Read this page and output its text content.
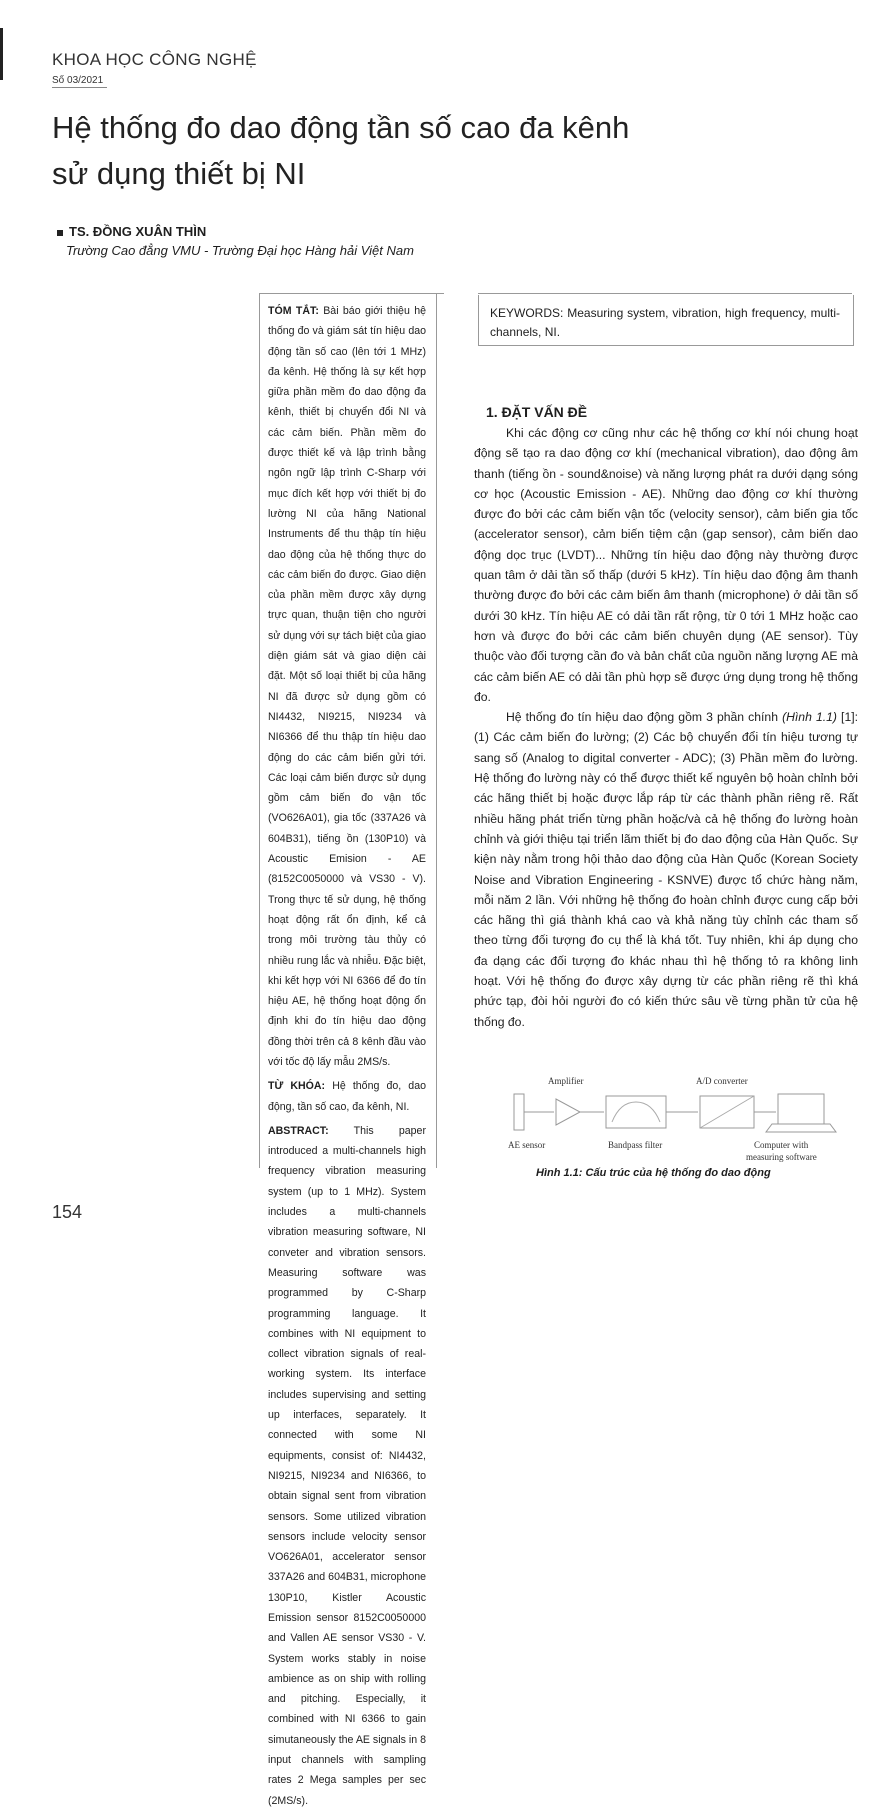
KHOA HỌC CÔNG NGHỆ
Số 03/2021
Hệ thống đo dao động tần số cao đa kênh
sử dụng thiết bị NI
TS. ĐỒNG XUÂN THÌN
Trường Cao đẳng VMU - Trường Đại học Hàng hải Việt Nam

TÓM TẮT: Bài báo giới thiệu hệ thống đo và giám sát tín hiệu dao động tần số cao (lên tới 1 MHz) đa kênh. Hệ thống là sự kết hợp giữa phần mềm đo dao động đa kênh, thiết bị chuyển đổi NI và các cảm biến. Phần mềm đo được thiết kế và lập trình bằng ngôn ngữ lập trình C-Sharp với mục đích kết hợp với thiết bị đo lường NI của hãng National Instruments để thu thập tín hiệu dao động của hệ thống thực do các cảm biến đo được. Giao diện của phần mềm được xây dựng trực quan, thuận tiện cho người sử dụng với sự tách biệt của giao diện giám sát và giao diện cài đặt. Một số loại thiết bị của hãng NI đã được sử dụng gồm có NI4432, NI9215, NI9234 và NI6366 để thu thập tín hiệu dao động do các cảm biến gửi tới. Các loại cảm biến được sử dụng gồm cảm biến đo vận tốc (VO626A01), gia tốc (337A26 và 604B31), tiếng ồn (130P10) và Acoustic Emision - AE (8152C0050000 và VS30 - V). Trong thực tế sử dụng, hệ thống hoạt động rất ổn định, kể cả trong môi trường tàu thủy có nhiều rung lắc và nhiễu. Đặc biệt, khi kết hợp với NI 6366 để đo tín hiệu AE, hệ thống hoạt động ổn định khi đo tín hiệu dao động đồng thời trên cả 8 kênh đầu vào với tốc độ lấy mẫu 2MS/s.

TỪ KHÓA: Hệ thống đo, dao động, tần số cao, đa kênh, NI.

ABSTRACT: This paper introduced a multi-channels high frequency vibration measuring system (up to 1 MHz). System includes a multi-channels vibration measuring software, NI conveter and vibration sensors. Measuring software was programmed by C-Sharp programming language. It combines with NI equipment to collect vibration signals of real-working system. Its interface includes supervising and setting up interfaces, separately. It connected with some NI equipments, consist of: NI4432, NI9215, NI9234 and NI6366, to obtain signal sent from vibration sensors. Some utilized vibration sensors include velocity sensor VO626A01, accelerator sensor 337A26 and 604B31, microphone 130P10, Kistler Acoustic Emission sensor 8152C0050000 and Vallen AE sensor VS30 - V. System works stably in noise ambience as on ship with rolling and pitching. Especially, it combined with NI 6366 to gain simutaneously the AE signals in 8 input channels with sampling rates 2 Mega samples per sec (2MS/s).

KEYWORDS: Measuring system, vibration, high frequency, multi-channels, NI.
1. ĐẶT VẤN ĐỀ

Khi các động cơ cũng như các hệ thống cơ khí nói chung hoạt động sẽ tạo ra dao động cơ khí (mechanical vibration), dao động âm thanh (tiếng ồn - sound&noise) và năng lượng phát ra dưới dạng sóng cơ học (Acoustic Emission - AE). Những dao động cơ khí thường được đo bởi các cảm biến vận tốc (velocity sensor), cảm biến gia tốc (accelerator sensor), cảm biến tiệm cận (gap sensor), cảm biến dao động dọc trục (LVDT)... Những tín hiệu dao động này thường được quan tâm ở dải tần số thấp (dưới 5 kHz). Tín hiệu dao động âm thanh thường được đo bởi các cảm biến âm thanh (microphone) ở dải tần số dưới 30 kHz. Tín hiệu AE có dải tần rất rộng, từ 0 tới 1 MHz hoặc cao hơn và được đo bởi các cảm biến chuyên dụng (AE sensor). Tùy thuộc vào đối tượng cần đo và bản chất của nguồn năng lượng AE mà các cảm biến AE có dải tần phù hợp sẽ được ứng dụng trong hệ thống đo.

Hệ thống đo tín hiệu dao động gồm 3 phần chính (Hình 1.1) [1]: (1) Các cảm biến đo lường; (2) Các bộ chuyển đổi tín hiệu tương tự sang số (Analog to digital converter - ADC); (3) Phần mềm đo lường. Hệ thống đo lường này có thể được thiết kế nguyên bộ hoàn chỉnh bởi các hãng thiết bị hoặc được lắp ráp từ các thành phần riêng rẽ. Rất nhiều hãng phát triển từng phần hoặc/và cả hệ thống đo lường hoàn chỉnh và giới thiệu tại triển lãm thiết bị đo dao động của Hàn Quốc. Sự kiện này nằm trong hội thảo dao động của Hàn Quốc (Korean Society Noise and Vibration Engineering - KSNVE) được tổ chức hàng năm, mỗi năm 2 lần. Với những hệ thống đo hoàn chỉnh được cung cấp bởi các hãng thì giá thành khá cao và khả năng tùy chỉnh các tham số theo từng đối tượng đo cụ thể là khá tốt. Tuy nhiên, khi áp dụng cho đa dạng các đối tượng đo khác nhau thì hệ thống tỏ ra không linh hoạt. Với hệ thống đo được xây dựng từ các phần riêng rẽ thì khá phức tạp, đòi hỏi người đo có kiến thức sâu về từng phần tử của hệ thống đo.

Amplifier	A/D converter
AE sensor	Bandpass filter	Computer with
measuring software
Hình 1.1: Cấu trúc của hệ thống đo dao động
154
